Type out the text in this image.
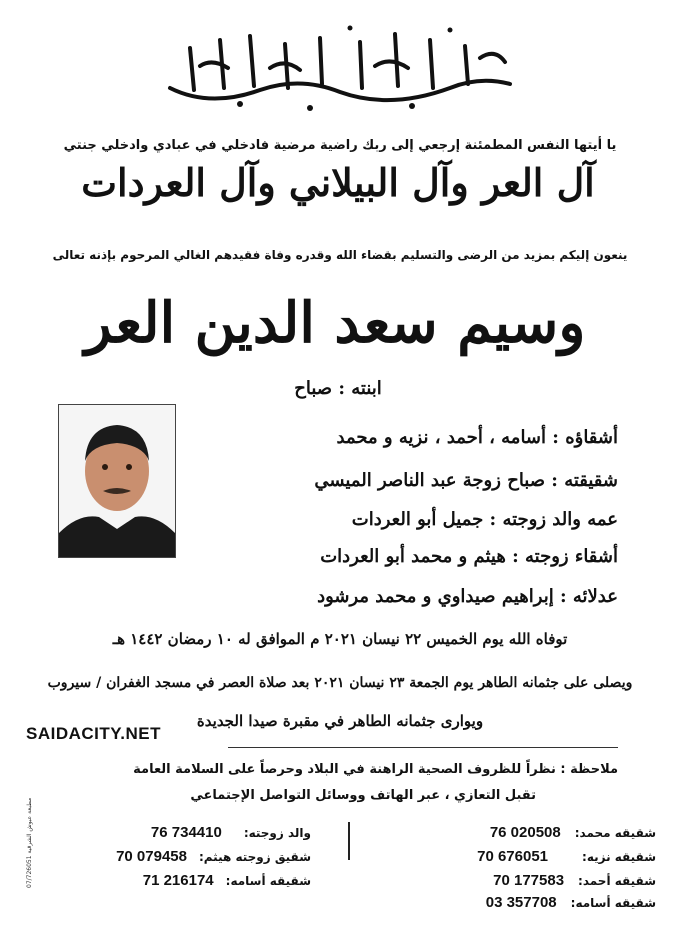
يا أيتها النفس المطمئنة إرجعي إلى ربك راضية مرضية فادخلي في عبادي وادخلي جنتي
آل العر وآل البيلاني وآل العردات
ينعون إليكم بمزيد من الرضى والتسليم بقضاء الله وقدره وفاة فقيدهم الغالي المرحوم بإذنه تعالى
وسيم سعد الدين العر
ابنته : صباح
أشقاؤه : أسامه ، أحمد ، نزيه و محمد
شقيقته : صباح زوجة عبد الناصر الميسي
عمه والد زوجته : جميل أبو العردات
أشقاء زوجته : هيثم و محمد أبو العردات
عدلائه : إبراهيم صيداوي و محمد مرشود
توفاه الله يوم الخميس ٢٢ نيسان ٢٠٢١ م الموافق له ١٠ رمضان ١٤٤٢ هـ
ويصلى على جثمانه الطاهر يوم الجمعة ٢٣ نيسان ٢٠٢١ بعد صلاة العصر في مسجد الغفران / سيروب
ويوارى جثمانه الطاهر في مقبرة صيدا الجديدة
SAIDACITY.NET
ملاحظة : نظراً للظروف الصحية الراهنة في البلاد وحرصاً على السلامة العامة
تقبل التعازي ، عبر الهاتف ووسائل التواصل الإجتماعي
مطبعة عبوش الشرقية 07/726051	شقيقه محمد:
76 020508
شقيقه نزيه:
70 676051
شقيقه أحمد:
70 177583
شقيقه أسامه:
03 357708
والد زوجته:
76 734410
شقيق زوجته هيثم:
70 079458
شقيقه أسامه:
71 216174
